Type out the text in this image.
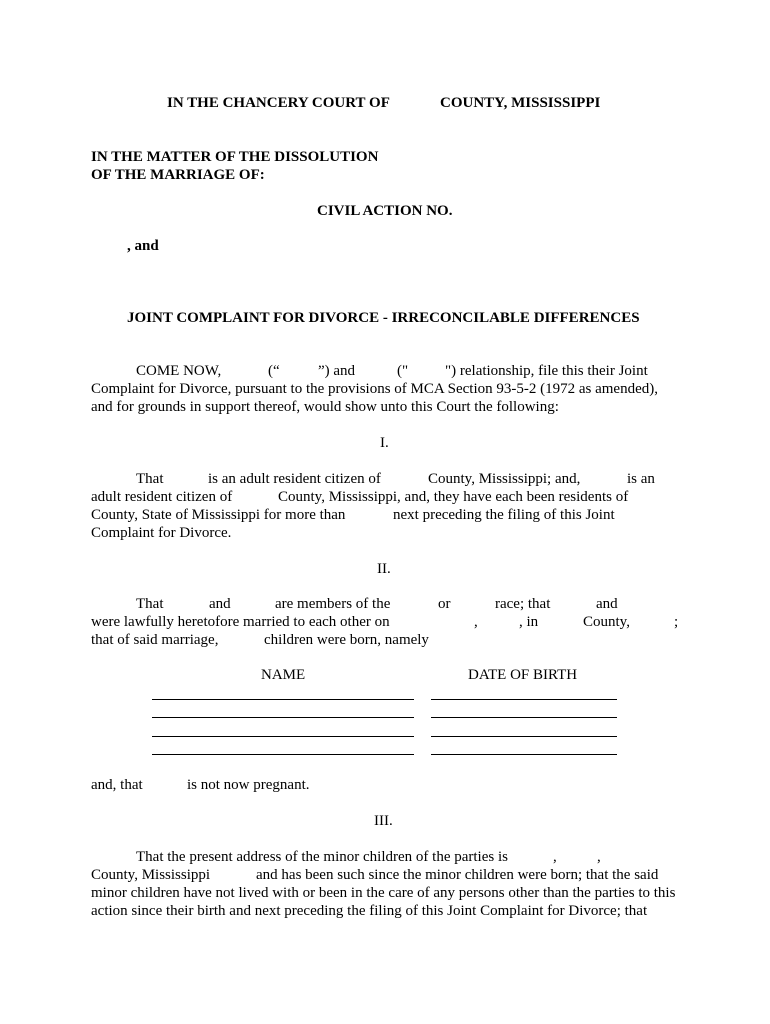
IN THE CHANCERY COURT OF	COUNTY, MISSISSIPPI
IN THE MATTER OF THE DISSOLUTION
OF THE MARRIAGE OF:
CIVIL ACTION NO.
, and
JOINT COMPLAINT FOR DIVORCE - IRRECONCILABLE DIFFERENCES
COME NOW,	(“	”) and	(" ") relationship, file this their Joint
Complaint for Divorce, pursuant to the provisions of MCA Section 93-5-2 (1972 as amended),
and for grounds in support thereof, would show unto this Court the following:
I.
That	is an adult resident citizen of	County, Mississippi; and,	is an
adult resident citizen of	County, Mississippi, and, they have each been residents of
County, State of Mississippi for more than	next preceding the filing of this Joint
Complaint for Divorce.
II.
That	and	are members of the	or	race; that	and
were lawfully heretofore married to each other on	,	, in	County,	;
that of said marriage,	children were born, namely
NAME	DATE OF BIRTH
and, that	is not now pregnant.
III.
That the present address of the minor children of the parties is	,	,
County, Mississippi	and has been such since the minor children were born; that the said
minor children have not lived with or been in the care of any persons other than the parties to this
action since their birth and next preceding the filing of this Joint Complaint for Divorce; that
